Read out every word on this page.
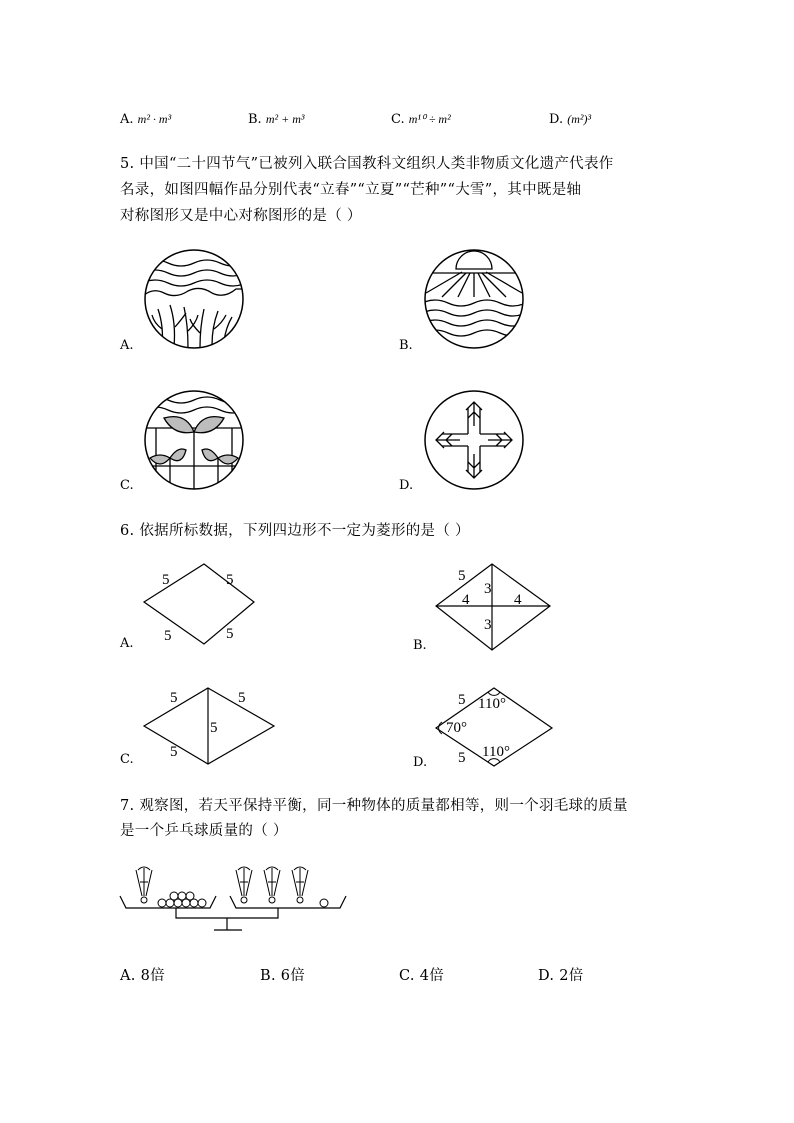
A. m² · m³	B. m² + m³	C. m¹⁰ ÷ m²	D. (m²)³
5. 中国“二十四节气”已被列入联合国教科文组织人类非物质文化遗产代表作
名录，如图四幅作品分别代表“立春”“立夏”“芒种”“大雪”，其中既是轴
对称图形又是中心对称图形的是（ ）
A.	B.
C.	D.
6. 依据所标数据，下列四边形不一定为菱形的是（ ）
A.	B.
C.	D.
5	5
5	5
5
4	4
3
3
5	5
5
5
5
5
110°
70°
110°
7. 观察图，若天平保持平衡，同一种物体的质量都相等，则一个羽毛球的质量
是一个乒乓球质量的（ ）
A. 8倍	B. 6倍	C. 4倍	D. 2倍
